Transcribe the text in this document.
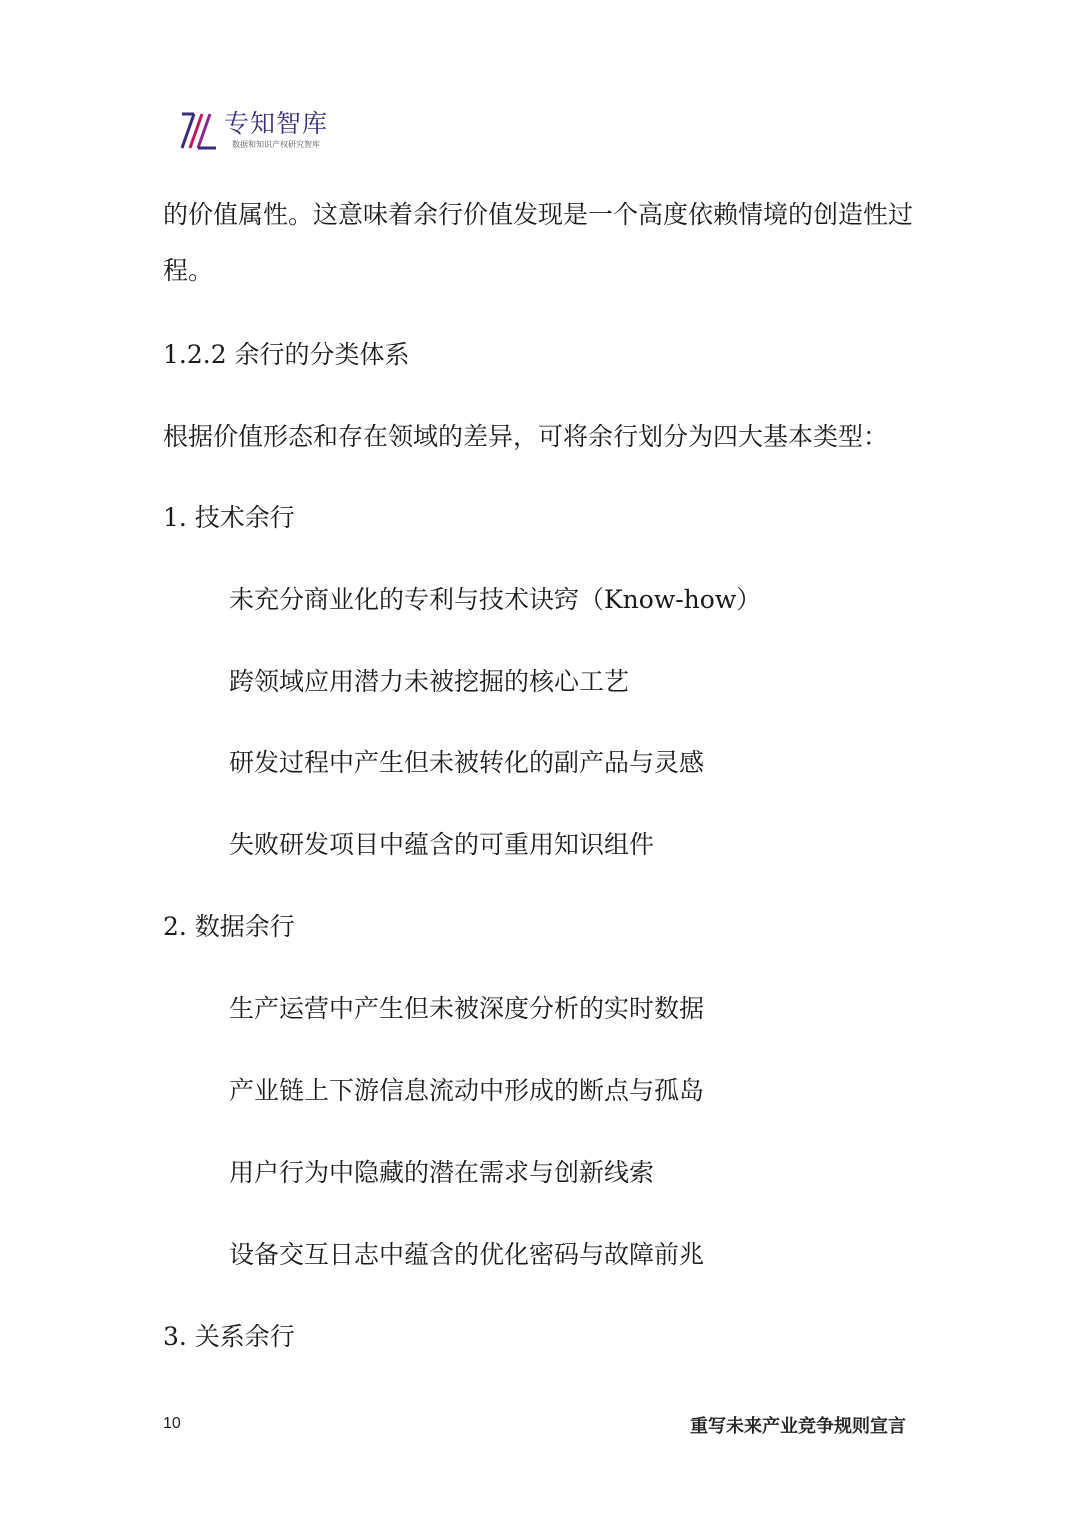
专知智库
数据和知识产权研究智库

的价值属性。这意味着余行价值发现是一个高度依赖情境的创造性过程。

1.2.2 余行的分类体系
根据价值形态和存在领域的差异，可将余行划分为四大基本类型：
1. 技术余行
未充分商业化的专利与技术诀窍（Know-how）
跨领域应用潜力未被挖掘的核心工艺
研发过程中产生但未被转化的副产品与灵感
失败研发项目中蕴含的可重用知识组件
2. 数据余行
生产运营中产生但未被深度分析的实时数据
产业链上下游信息流动中形成的断点与孤岛
用户行为中隐藏的潜在需求与创新线索
设备交互日志中蕴含的优化密码与故障前兆
3. 关系余行
10	重写未来产业竞争规则宣言
